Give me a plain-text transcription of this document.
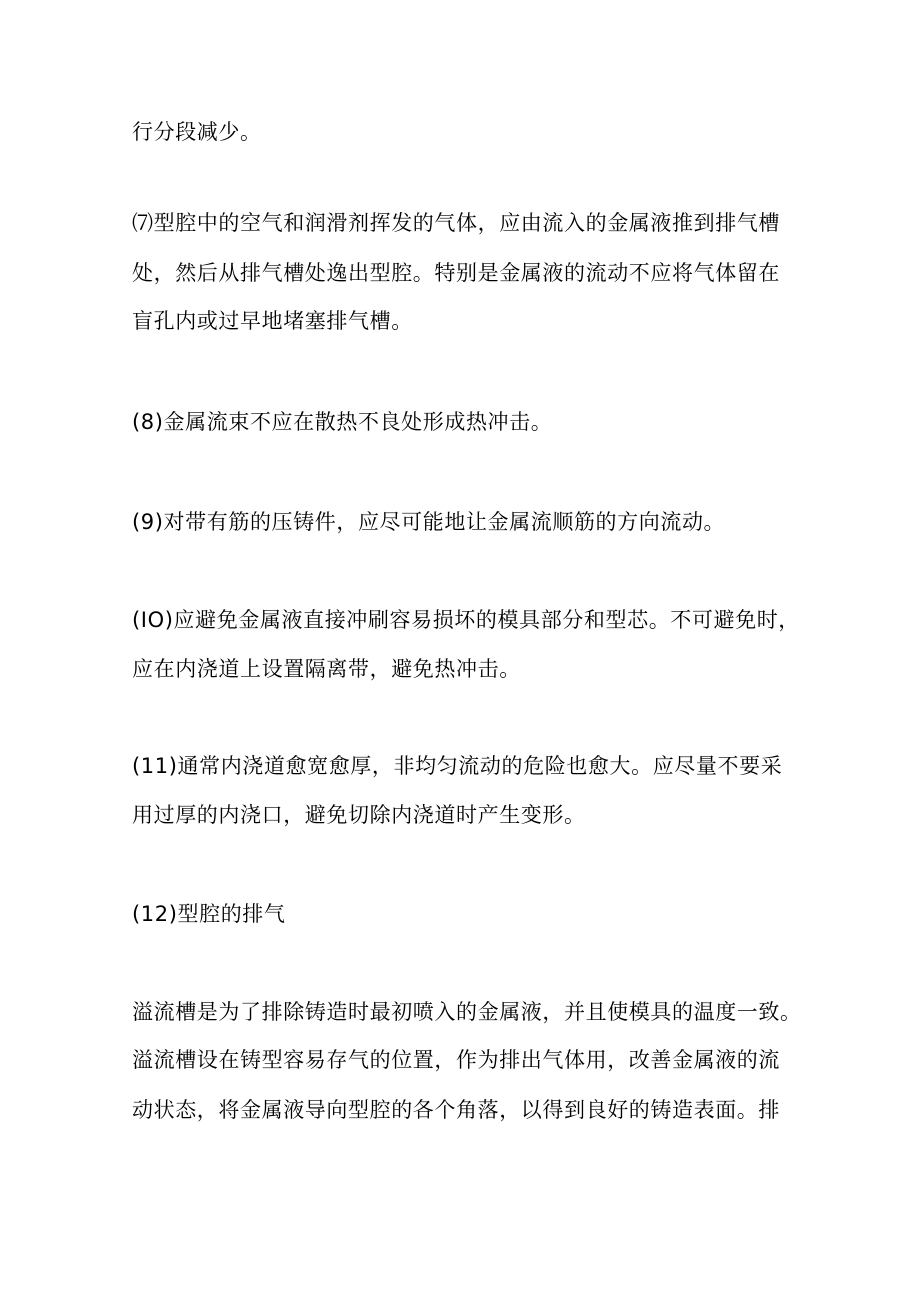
行分段减少。
⑺型腔中的空气和润滑剂挥发的气体，应由流入的金属液推到排气槽
处，然后从排气槽处逸出型腔。特别是金属液的流动不应将气体留在
盲孔内或过早地堵塞排气槽。
(8)金属流束不应在散热不良处形成热冲击。
(9)对带有筋的压铸件，应尽可能地让金属流顺筋的方向流动。
(IO)应避免金属液直接冲刷容易损坏的模具部分和型芯。不可避免时，
应在内浇道上设置隔离带，避免热冲击。
(11)通常内浇道愈宽愈厚，非均匀流动的危险也愈大。应尽量不要采
用过厚的内浇口，避免切除内浇道时产生变形。
(12)型腔的排气
溢流槽是为了排除铸造时最初喷入的金属液，并且使模具的温度一致。
溢流槽设在铸型容易存气的位置，作为排出气体用，改善金属液的流
动状态，将金属液导向型腔的各个角落，以得到良好的铸造表面。排
